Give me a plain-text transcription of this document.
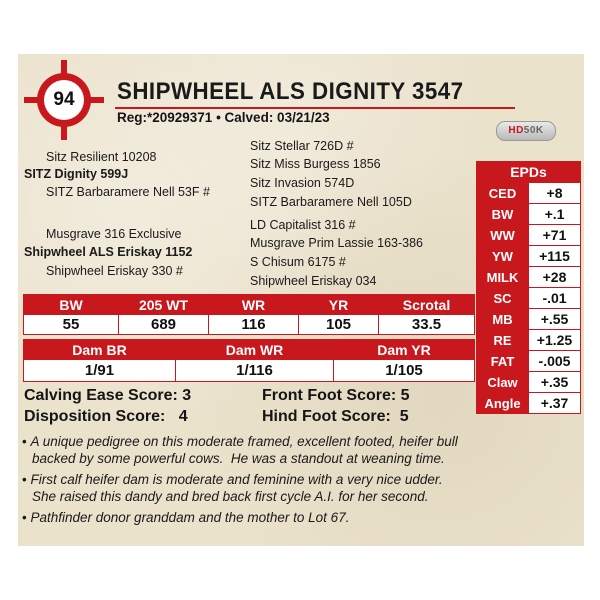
94	SHIPWHEEL ALS DIGNITY 3547
Reg:*20929371 • Calved: 03/21/23
HD50K
Sitz Resilient 10208
SITZ Dignity 599J
SITZ Barbaramere Nell 53F #
Sitz Stellar 726D #
Sitz Miss Burgess 1856
Sitz Invasion 574D
SITZ Barbaramere Nell 105D
Musgrave 316 Exclusive
Shipwheel ALS Eriskay 1152
Shipwheel Eriskay 330 #
LD Capitalist 316 #
Musgrave Prim Lassie 163-386
S Chisum 6175 #
Shipwheel Eriskay 034
BW	205 WT	WR	YR	Scrotal
55	689	116	105	33.5
Dam BR	Dam WR	Dam YR
1/91	1/116	1/105
EPDs	
CED	+8
BW	+.1
WW	+71
YW	+115
MILK	+28
SC	-.01
MB	+.55
RE	+1.25
FAT	-.005
Claw	+.35
Angle	+.37
Calving Ease Score: 3
Disposition Score:   4
Front Foot Score: 5
Hind Foot Score:  5
• A unique pedigree on this moderate framed, excellent footed, heifer bull
backed by some powerful cows.  He was a standout at weaning time.
• First calf heifer dam is moderate and feminine with a very nice udder.
She raised this dandy and bred back first cycle A.I. for her second.
• Pathfinder donor granddam and the mother to Lot 67.
